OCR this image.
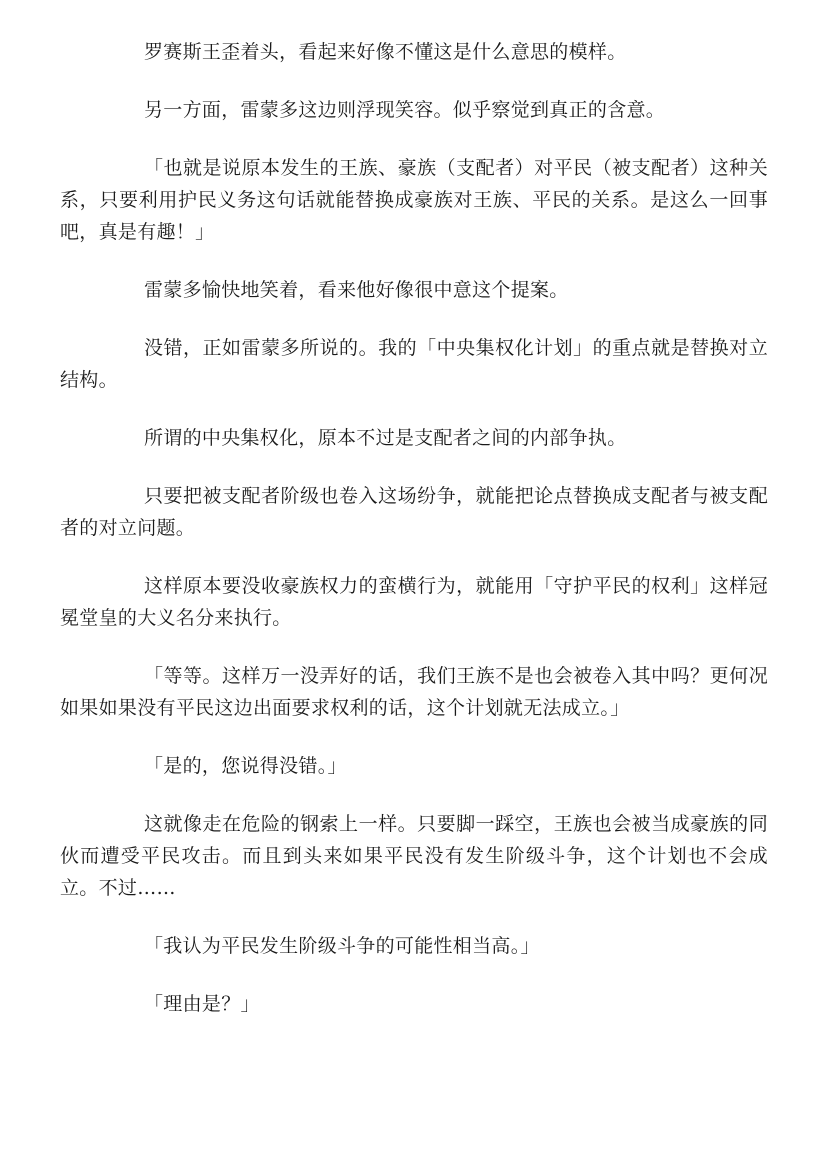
罗赛斯王歪着头，看起来好像不懂这是什么意思的模样。

另一方面，雷蒙多这边则浮现笑容。似乎察觉到真正的含意。

「也就是说原本发生的王族、豪族（支配者）对平民（被支配者）这种关系，只要利用护民义务这句话就能替换成豪族对王族、平民的关系。是这么一回事吧，真是有趣！」

雷蒙多愉快地笑着，看来他好像很中意这个提案。

没错，正如雷蒙多所说的。我的「中央集权化计划」的重点就是替换对立结构。

所谓的中央集权化，原本不过是支配者之间的内部争执。

只要把被支配者阶级也卷入这场纷争，就能把论点替换成支配者与被支配者的对立问题。

这样原本要没收豪族权力的蛮横行为，就能用「守护平民的权利」这样冠冕堂皇的大义名分来执行。

「等等。这样万一没弄好的话，我们王族不是也会被卷入其中吗？更何况如果如果没有平民这边出面要求权利的话，这个计划就无法成立。」

「是的，您说得没错。」

这就像走在危险的钢索上一样。只要脚一踩空，王族也会被当成豪族的同伙而遭受平民攻击。而且到头来如果平民没有发生阶级斗争，这个计划也不会成立。不过……

「我认为平民发生阶级斗争的可能性相当高。」

「理由是？」
